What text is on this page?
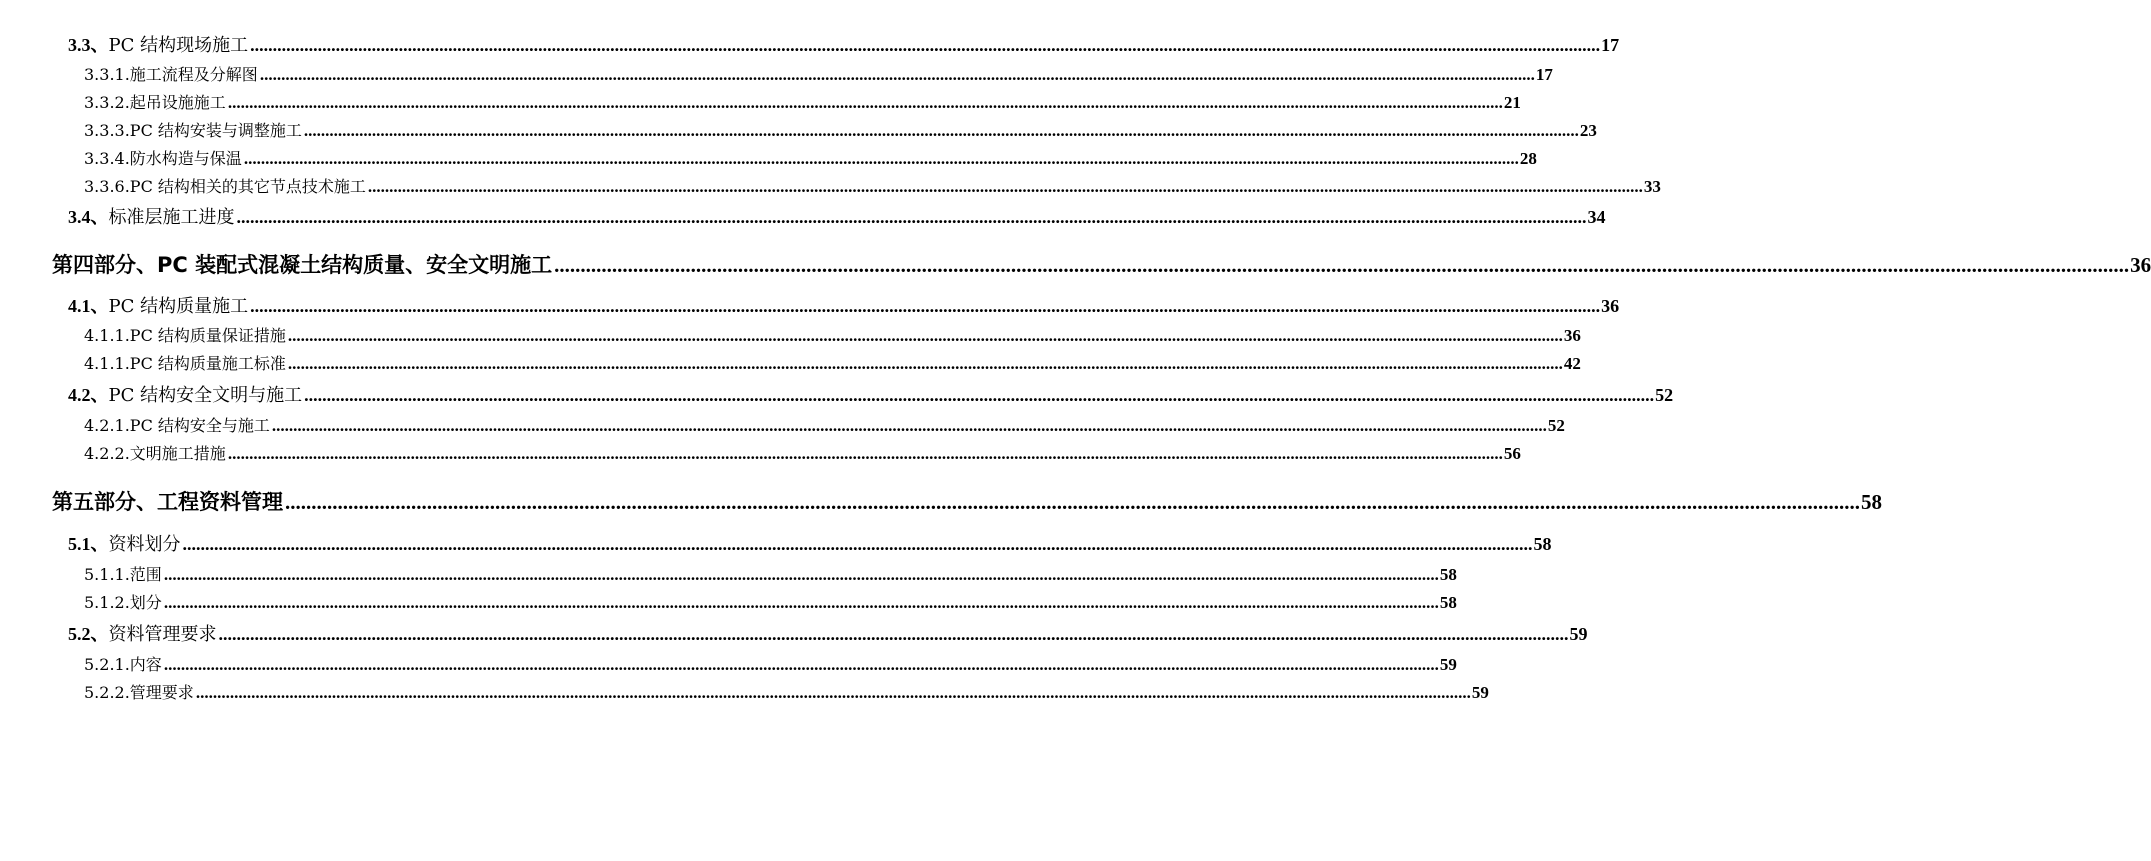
3.3、PC 结构现场施工 ............................................................................................................................................................................................................................................................................................................ 17
3.3.1.施工流程及分解图 ............................................................................................................................................................................................................................................................................................................ 17
3.3.2.起吊设施施工 ............................................................................................................................................................................................................................................................................................................ 21
3.3.3.PC 结构安装与调整施工 ............................................................................................................................................................................................................................................................................................................ 23
3.3.4.防水构造与保温 ............................................................................................................................................................................................................................................................................................................ 28
3.3.6.PC 结构相关的其它节点技术施工 ............................................................................................................................................................................................................................................................................................................ 33
3.4、标准层施工进度 ............................................................................................................................................................................................................................................................................................................ 34
第四部分、PC 装配式混凝土结构质量、安全文明施工 ............................................................................................................................................................................................................................................................................................................ 36
4.1、PC 结构质量施工 ............................................................................................................................................................................................................................................................................................................ 36
4.1.1.PC 结构质量保证措施 ............................................................................................................................................................................................................................................................................................................ 36
4.1.1.PC 结构质量施工标准 ............................................................................................................................................................................................................................................................................................................ 42
4.2、PC 结构安全文明与施工 ............................................................................................................................................................................................................................................................................................................ 52
4.2.1.PC 结构安全与施工 ............................................................................................................................................................................................................................................................................................................ 52
4.2.2.文明施工措施 ............................................................................................................................................................................................................................................................................................................ 56
第五部分、工程资料管理 ............................................................................................................................................................................................................................................................................................................ 58
5.1、资料划分 ............................................................................................................................................................................................................................................................................................................ 58
5.1.1.范围 ............................................................................................................................................................................................................................................................................................................ 58
5.1.2.划分 ............................................................................................................................................................................................................................................................................................................ 58
5.2、资料管理要求 ............................................................................................................................................................................................................................................................................................................ 59
5.2.1.内容 ............................................................................................................................................................................................................................................................................................................ 59
5.2.2.管理要求 ............................................................................................................................................................................................................................................................................................................ 59
